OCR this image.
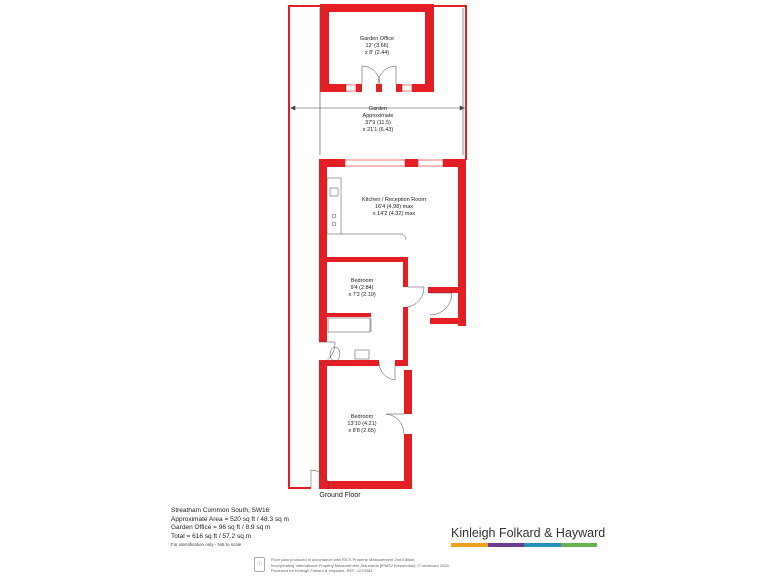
Garden Office
12' (3.66)
x 8' (2.44)
Garden
Approximate
37'9 (11.5)
x 21'1 (6.43)
Kitchen / Reception Room
16'4 (4.98) max
x 14'2 (4.32) max
Bedroom
9'4 (2.84)
x 7'2 (2.19)
Bedroom
13'10 (4.21)
x 8'8 (2.65)
Ground Floor
Streatham Common South, SW16
Approximate Area = 520 sq ft / 48.3 sq m
Garden Office = 96 sq ft / 8.9 sq m
Total = 616 sq ft / 57.2 sq m
For identification only - Not to scale
Kinleigh Folkard & Hayward
ⓘ
Floor plan produced in accordance with RICS Property Measurement 2nd Edition,
Incorporating International Property Measurement Standards (IPMS2 Residential). © nichecom 2025.
Produced for Kinleigh Folkard & Hayward. REF: 1279383
